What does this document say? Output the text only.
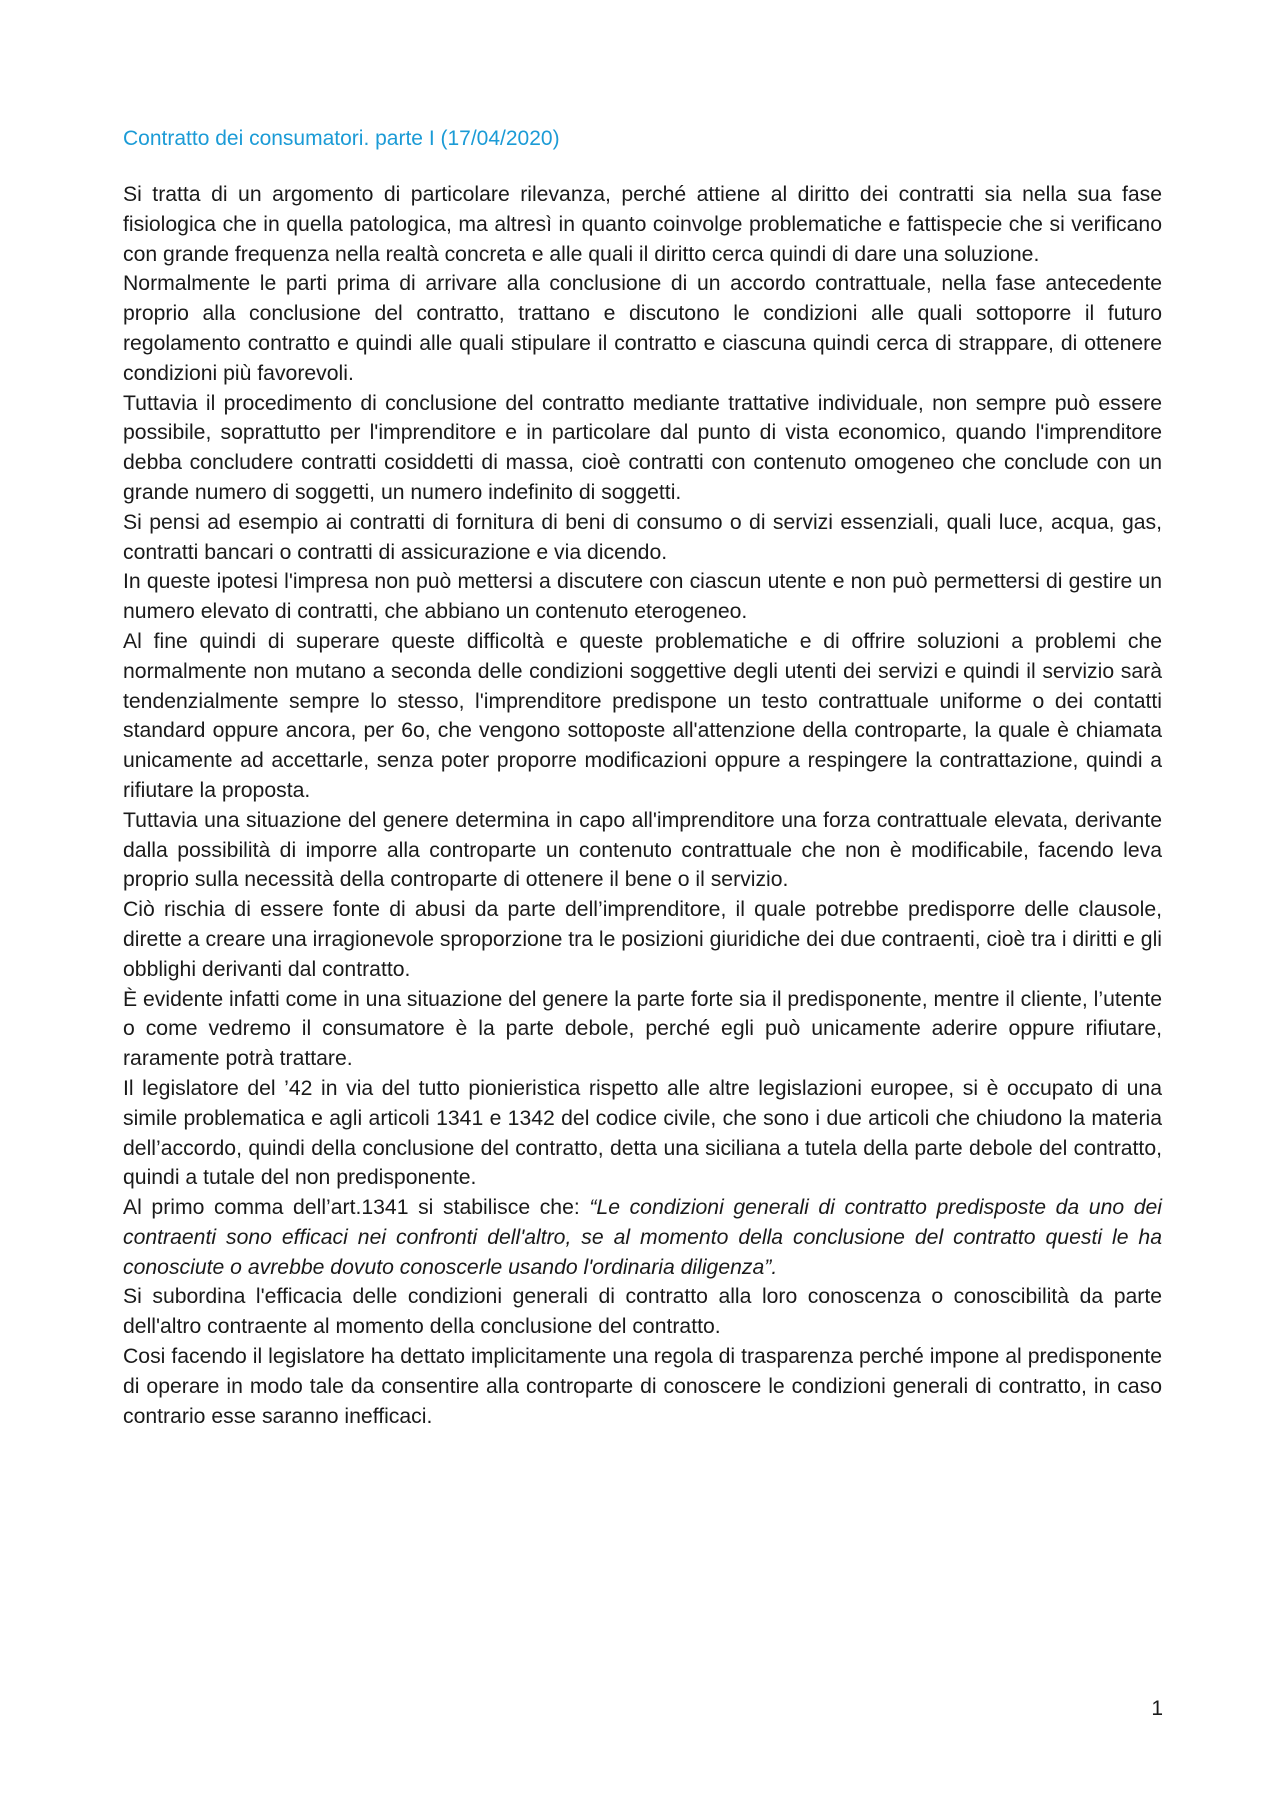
Contratto dei consumatori. parte I (17/04/2020)

Si tratta di un argomento di particolare rilevanza, perché attiene al diritto dei contratti sia nella sua fase fisiologica che in quella patologica, ma altresì in quanto coinvolge problematiche e fattispecie che si verificano con grande frequenza nella realtà concreta e alle quali il diritto cerca quindi di dare una soluzione.

Normalmente le parti prima di arrivare alla conclusione di un accordo contrattuale, nella fase antecedente proprio alla conclusione del contratto, trattano e discutono le condizioni alle quali sottoporre il futuro regolamento contratto e quindi alle quali stipulare il contratto e ciascuna quindi cerca di strappare, di ottenere condizioni più favorevoli.

Tuttavia il procedimento di conclusione del contratto mediante trattative individuale, non sempre può essere possibile, soprattutto per l'imprenditore e in particolare dal punto di vista economico, quando l'imprenditore debba concludere contratti cosiddetti di massa, cioè contratti con contenuto omogeneo che conclude con un grande numero di soggetti, un numero indefinito di soggetti.

Si pensi ad esempio ai contratti di fornitura di beni di consumo o di servizi essenziali, quali luce, acqua, gas, contratti bancari o contratti di assicurazione e via dicendo.

In queste ipotesi l'impresa non può mettersi a discutere con ciascun utente e non può permettersi di gestire un numero elevato di contratti, che abbiano un contenuto eterogeneo.

Al fine quindi di superare queste difficoltà e queste problematiche e di offrire soluzioni a problemi che normalmente non mutano a seconda delle condizioni soggettive degli utenti dei servizi e quindi il servizio sarà tendenzialmente sempre lo stesso, l'imprenditore predispone un testo contrattuale uniforme o dei contatti standard oppure ancora, per 6o, che vengono sottoposte all'attenzione della controparte, la quale è chiamata unicamente ad accettarle, senza poter proporre modificazioni oppure a respingere la contrattazione, quindi a rifiutare la proposta.

Tuttavia una situazione del genere determina in capo all'imprenditore una forza contrattuale elevata, derivante dalla possibilità di imporre alla controparte un contenuto contrattuale che non è modificabile, facendo leva proprio sulla necessità della controparte di ottenere il bene o il servizio.

Ciò rischia di essere fonte di abusi da parte dell’imprenditore, il quale potrebbe predisporre delle clausole, dirette a creare una irragionevole sproporzione tra le posizioni giuridiche dei due contraenti, cioè tra i diritti e gli obblighi derivanti dal contratto.

È evidente infatti come in una situazione del genere la parte forte sia il predisponente, mentre il cliente, l’utente o come vedremo il consumatore è la parte debole, perché egli può unicamente aderire oppure rifiutare, raramente potrà trattare.

Il legislatore del ’42 in via del tutto pionieristica rispetto alle altre legislazioni europee, si è occupato di una simile problematica e agli articoli 1341 e 1342 del codice civile, che sono i due articoli che chiudono la materia dell’accordo, quindi della conclusione del contratto, detta una siciliana a tutela della parte debole del contratto, quindi a tutale del non predisponente.

Al primo comma dell’art.1341 si stabilisce che: “Le condizioni generali di contratto predisposte da uno dei contraenti sono efficaci nei confronti dell'altro, se al momento della conclusione del contratto questi le ha conosciute o avrebbe dovuto conoscerle usando l'ordinaria diligenza”.

Si subordina l'efficacia delle condizioni generali di contratto alla loro conoscenza o conoscibilità da parte dell'altro contraente al momento della conclusione del contratto.

Cosi facendo il legislatore ha dettato implicitamente una regola di trasparenza perché impone al predisponente di operare in modo tale da consentire alla controparte di conoscere le condizioni generali di contratto, in caso contrario esse saranno inefficaci.

1
